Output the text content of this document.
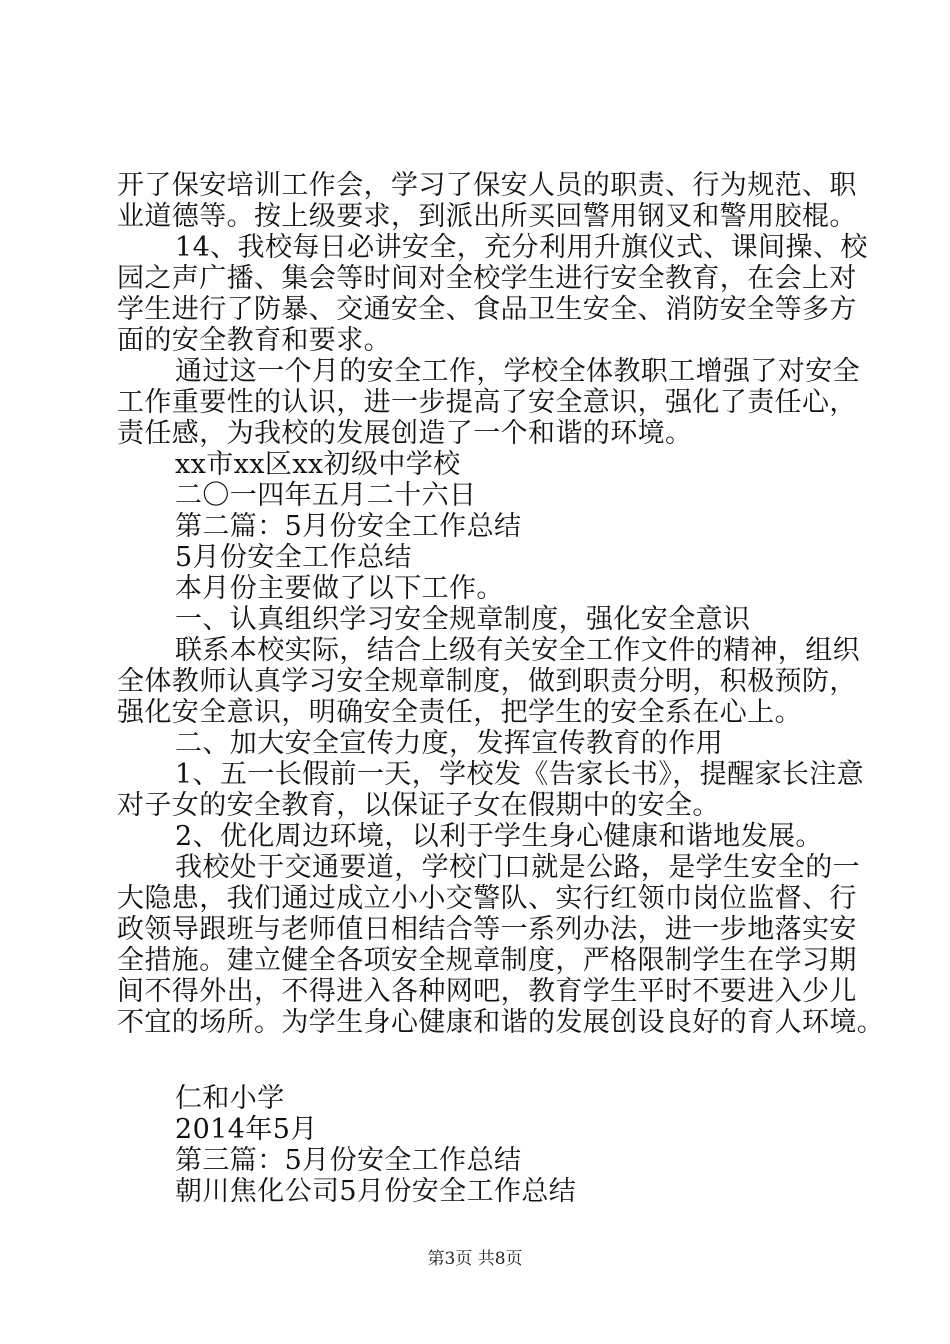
开了保安培训工作会，学习了保安人员的职责、行为规范、职
业道德等。按上级要求，到派出所买回警用钢叉和警用胶棍。
14、我校每日必讲安全，充分利用升旗仪式、课间操、校
园之声广播、集会等时间对全校学生进行安全教育，在会上对
学生进行了防暴、交通安全、食品卫生安全、消防安全等多方
面的安全教育和要求。
通过这一个月的安全工作，学校全体教职工增强了对安全
工作重要性的认识，进一步提高了安全意识，强化了责任心，
责任感，为我校的发展创造了一个和谐的环境。
xx市xx区xx初级中学校
二〇一四年五月二十六日
第二篇：5月份安全工作总结
5月份安全工作总结
本月份主要做了以下工作。
一、认真组织学习安全规章制度，强化安全意识
联系本校实际，结合上级有关安全工作文件的精神，组织
全体教师认真学习安全规章制度，做到职责分明，积极预防，
强化安全意识，明确安全责任，把学生的安全系在心上。
二、加大安全宣传力度，发挥宣传教育的作用
1、五一长假前一天，学校发《告家长书》，提醒家长注意
对子女的安全教育，以保证子女在假期中的安全。
2、优化周边环境，以利于学生身心健康和谐地发展。
我校处于交通要道，学校门口就是公路，是学生安全的一
大隐患，我们通过成立小小交警队、实行红领巾岗位监督、行
政领导跟班与老师值日相结合等一系列办法，进一步地落实安
全措施。建立健全各项安全规章制度，严格限制学生在学习期
间不得外出，不得进入各种网吧，教育学生平时不要进入少儿
不宜的场所。为学生身心健康和谐的发展创设良好的育人环境。
仁和小学
2014年5月
第三篇：5月份安全工作总结
朝川焦化公司5月份安全工作总结
第3页 共8页
